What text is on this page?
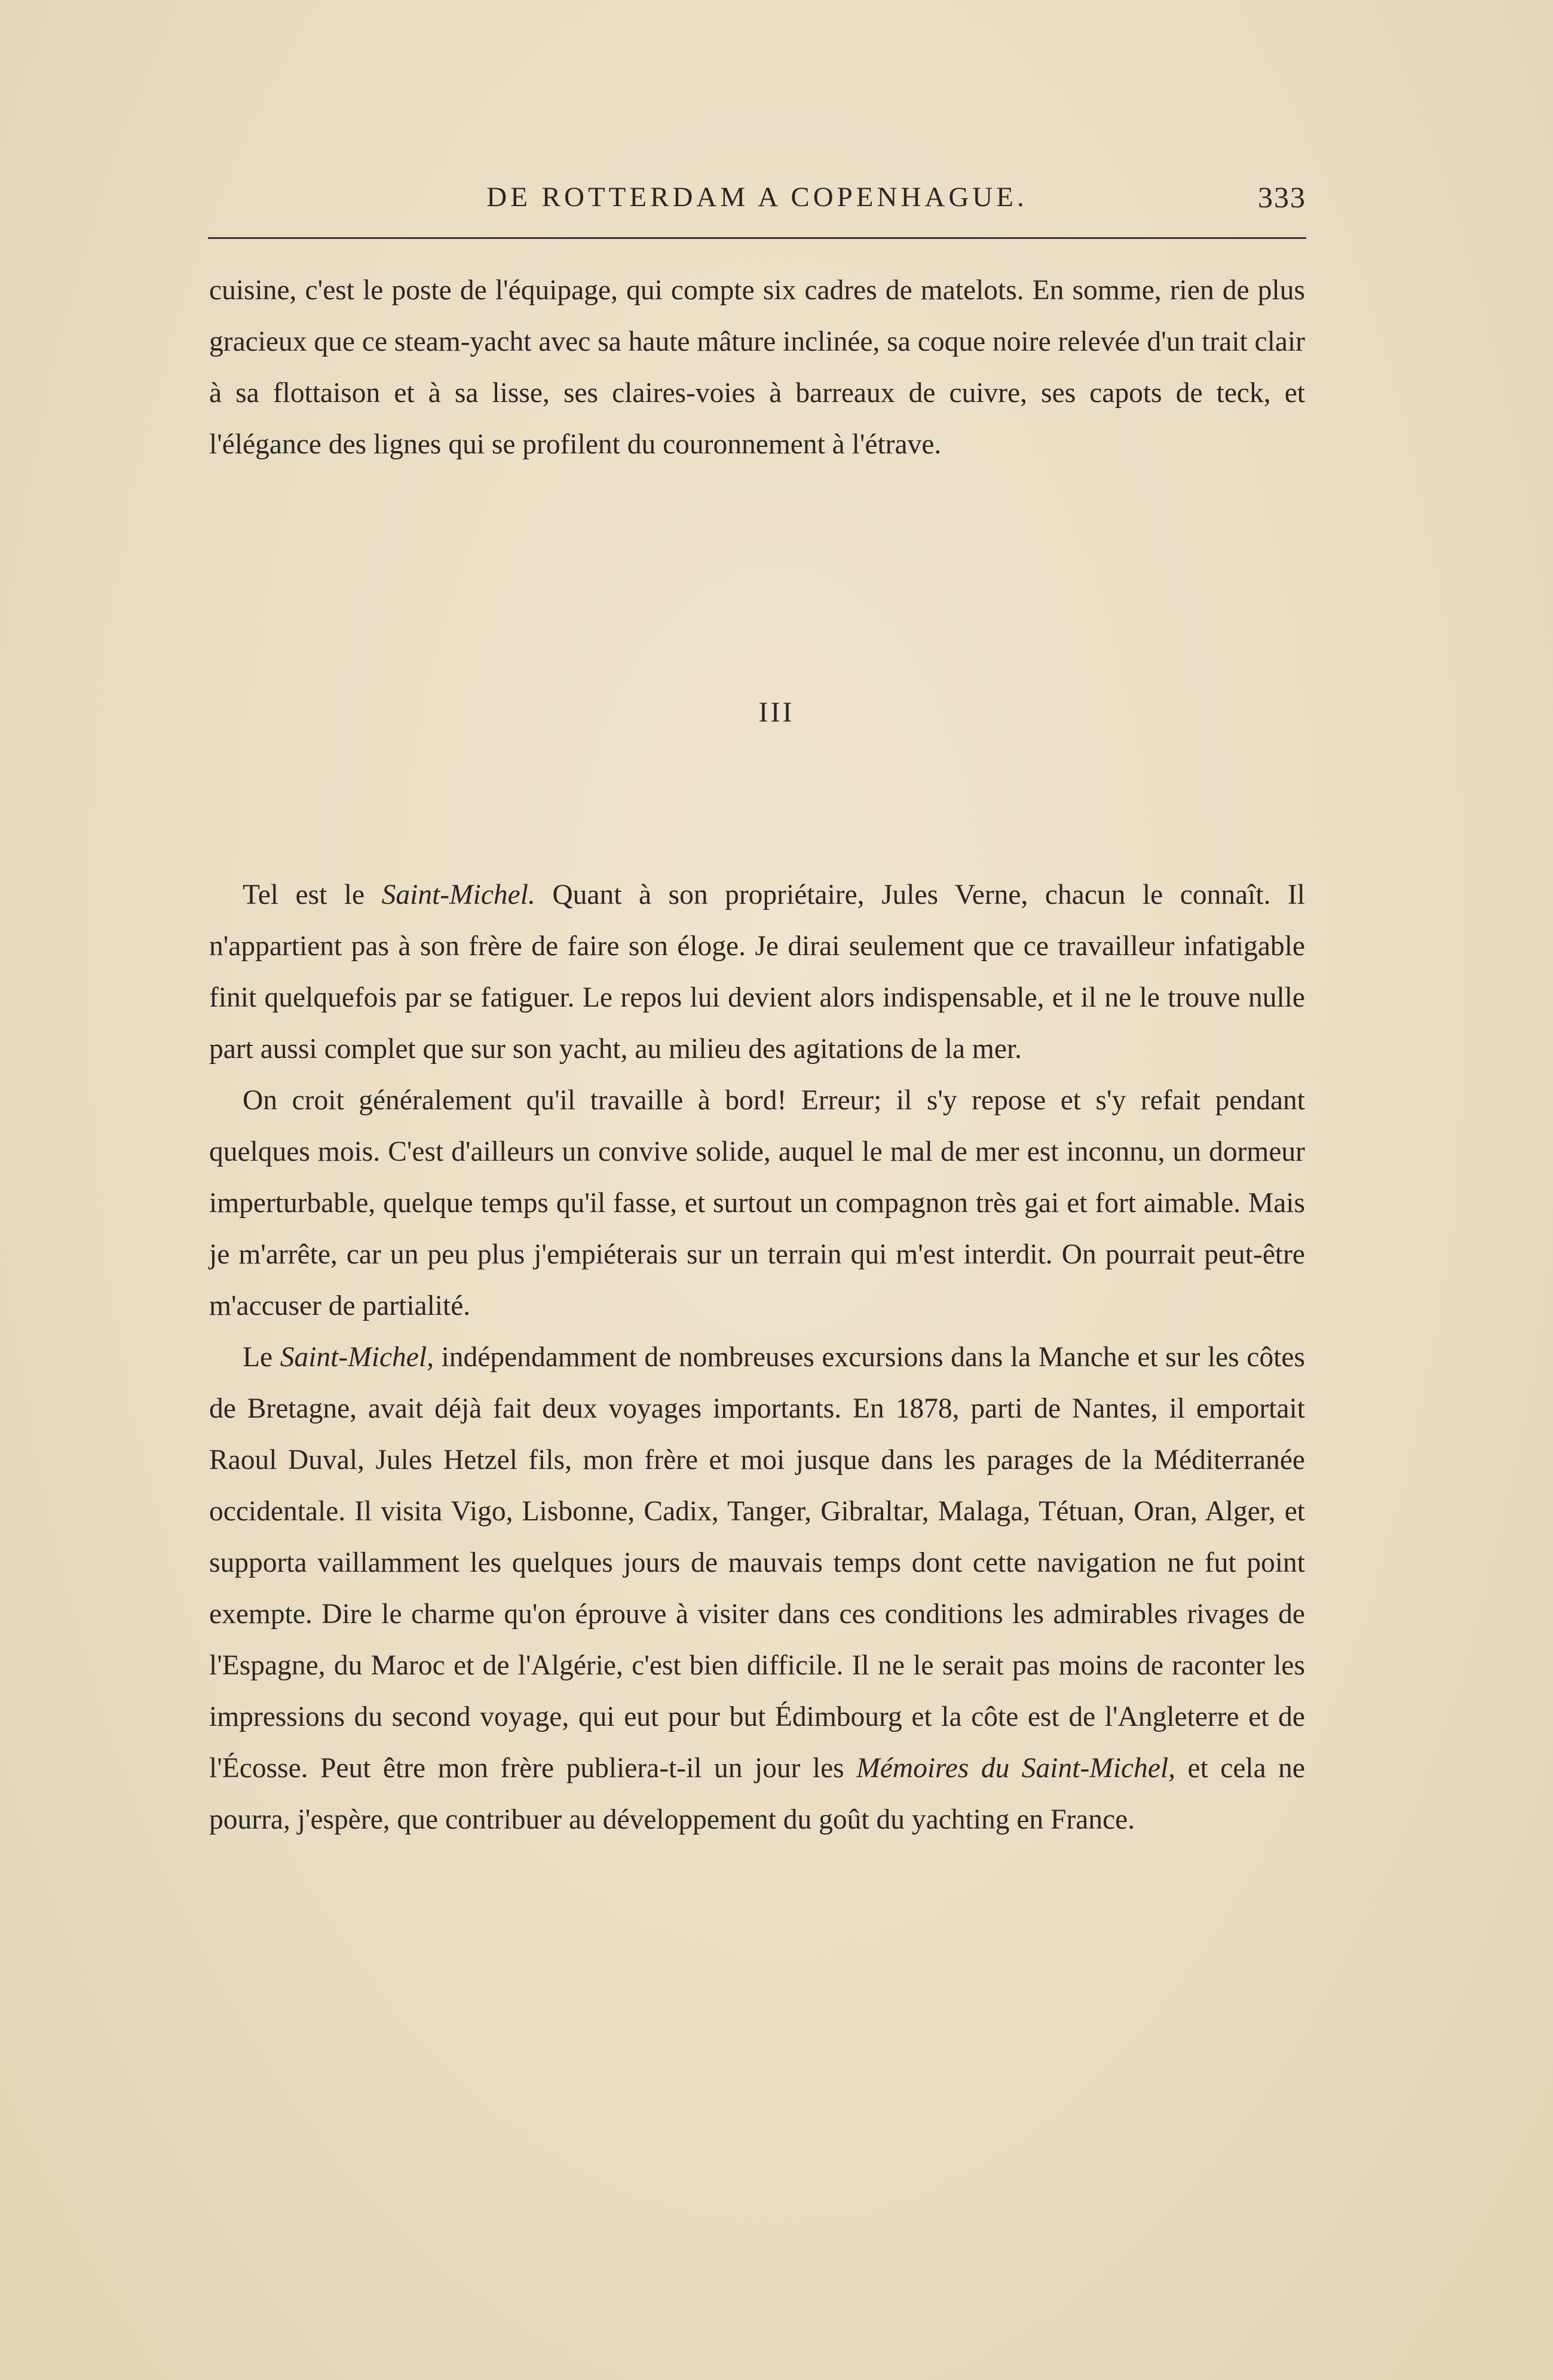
DE ROTTERDAM A COPENHAGUE.	333

cuisine, c'est le poste de l'équipage, qui compte six cadres de matelots. En somme, rien de plus gracieux que ce steam-yacht avec sa haute mâture inclinée, sa coque noire relevée d'un trait clair à sa flottaison et à sa lisse, ses claires-voies à barreaux de cuivre, ses capots de teck, et l'élégance des lignes qui se profilent du couronnement à l'étrave.

III

Tel est le Saint-Michel. Quant à son propriétaire, Jules Verne, chacun le connaît. Il n'appartient pas à son frère de faire son éloge. Je dirai seulement que ce travailleur infatigable finit quelquefois par se fatiguer. Le repos lui devient alors indispensable, et il ne le trouve nulle part aussi complet que sur son yacht, au milieu des agitations de la mer.

On croit généralement qu'il travaille à bord! Erreur; il s'y repose et s'y refait pendant quelques mois. C'est d'ailleurs un convive solide, auquel le mal de mer est inconnu, un dormeur imperturbable, quelque temps qu'il fasse, et surtout un compagnon très gai et fort aimable. Mais je m'arrête, car un peu plus j'empiéterais sur un terrain qui m'est interdit. On pourrait peut-être m'accuser de partialité.

Le Saint-Michel, indépendamment de nombreuses excursions dans la Manche et sur les côtes de Bretagne, avait déjà fait deux voyages importants. En 1878, parti de Nantes, il emportait Raoul Duval, Jules Hetzel fils, mon frère et moi jusque dans les parages de la Méditerranée occidentale. Il visita Vigo, Lisbonne, Cadix, Tanger, Gibraltar, Malaga, Tétuan, Oran, Alger, et supporta vaillamment les quelques jours de mauvais temps dont cette navigation ne fut point exempte. Dire le charme qu'on éprouve à visiter dans ces conditions les admirables rivages de l'Espagne, du Maroc et de l'Algérie, c'est bien difficile. Il ne le serait pas moins de raconter les impressions du second voyage, qui eut pour but Édimbourg et la côte est de l'Angleterre et de l'Écosse. Peut être mon frère publiera-t-il un jour les Mémoires du Saint-Michel, et cela ne pourra, j'espère, que contribuer au développement du goût du yachting en France.
